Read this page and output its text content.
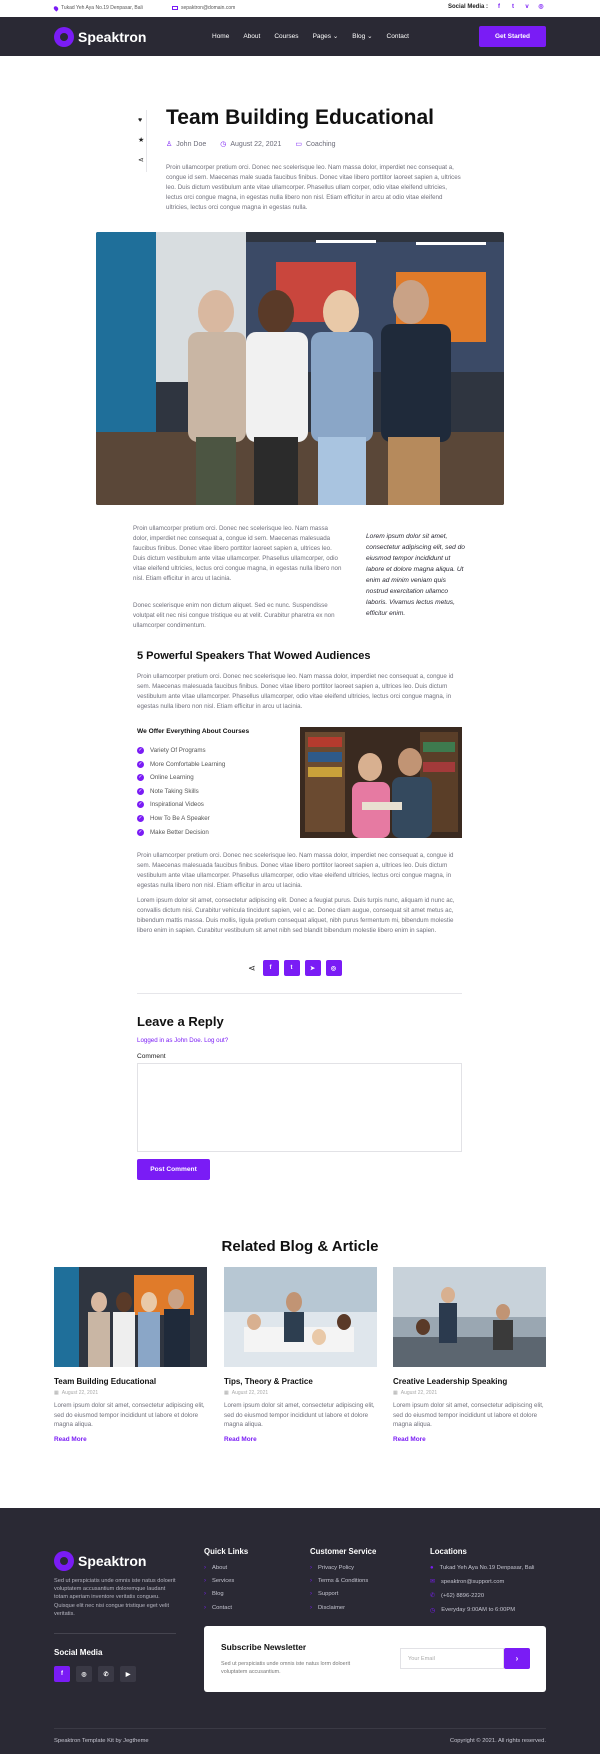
Tukad Yeh Aya No.19 Denpasar, Bali	sepaktron@domain.com	Social Media :	f	t	v ◎
Speaktron	Home About Courses Pages
⌄ Blog
⌄ Contact	Get Started
♥
★
⋖
Team Building Educational
♙ John Doe ◷ August 22, 2021 ▭ Coaching

Proin ullamcorper pretium orci. Donec nec scelerisque leo. Nam massa dolor, imperdiet nec consequat a, congue id sem. Maecenas male suada faucibus finibus. Donec vitae libero porttitor laoreet sapien a, ultrices leo. Duis dictum vestibulum ante vitae ullamcorper. Phasellus ullam corper, odio vitae eleifend ultricies, lectus orci congue magna, in egestas nulla libero non nisl. Etiam efficitur in arcu at odio vitae eleifend ultricies, lectus orci congue magna in egestas nulla.

Proin ullamcorper pretium orci. Donec nec scelerisque leo. Nam massa dolor, imperdiet nec consequat a, congue id sem. Maecenas malesuada faucibus finibus. Donec vitae libero porttitor laoreet sapien a, ultrices leo. Duis dictum vestibulum ante vitae ullamcorper. Phasellus ullamcorper, odio vitae eleifend ultricies, lectus orci congue magna, in egestas nulla libero non nisl. Etiam efficitur in arcu ut lacinia.

Donec scelerisque enim non dictum aliquet. Sed ec nunc. Suspendisse volutpat elit nec nisi congue tristique eu at velit. Curabitur pharetra ex non ullamcorper condimentum.

Lorem ipsum dolor sit amet, consectetur adipiscing elit, sed do eiusmod tempor incididunt ut labore et dolore magna aliqua. Ut enim ad minim veniam quis nostrud exercitation ullamco laboris. Vivamus lectus metus, efficitur enim.

5 Powerful Speakers That Wowed Audiences

Proin ullamcorper pretium orci. Donec nec scelerisque leo. Nam massa dolor, imperdiet nec consequat a, congue id sem. Maecenas malesuada faucibus finibus. Donec vitae libero porttitor laoreet sapien a, ultrices leo. Duis dictum vestibulum ante vitae ullamcorper. Phasellus ullamcorper, odio vitae eleifend ultricies, lectus orci congue magna, in egestas nulla libero non nisl. Etiam efficitur in arcu ut lacinia.

We Offer Everything About Courses
✓ Variety Of Programs
✓ More Comfortable Learning
✓ Online Learning
✓ Note Taking Skills
✓ Inspirational Videos
✓ How To Be A Speaker
✓ Make Better Decision

Proin ullamcorper pretium orci. Donec nec scelerisque leo. Nam massa dolor, imperdiet nec consequat a, congue id sem. Maecenas malesuada faucibus finibus. Donec vitae libero porttitor laoreet sapien a, ultrices leo. Duis dictum vestibulum ante vitae ullamcorper. Phasellus ullamcorper, odio vitae eleifend ultricies, lectus orci congue magna, in egestas nulla libero non nisl. Etiam efficitur in arcu ut lacinia.

Lorem ipsum dolor sit amet, consectetur adipiscing elit. Donec a feugiat purus. Duis turpis nunc, aliquam id nunc ac, convallis dictum nisi. Curabitur vehicula tincidunt sapien, vel c ac. Donec diam augue, consequat sit amet metus ac, bibendum mattis massa. Duis mollis, ligula pretium consequat aliquet, nibh purus fermentum mi, bibendum molestie libero enim in sapien. Curabitur vestibulum sit amet nibh sed blandit bibendum molestie libero enim in sapien.

⋖	f	t	➤	◎
Leave a Reply
Logged in as John Doe. Log out?
Comment
Post Comment
Related Blog & Article
Team Building Educational
▦ August 22, 2021
Lorem ipsum dolor sit amet, consectetur adipiscing elit, sed do eiusmod tempor incididunt ut labore et dolore magna aliqua.
Read More
Tips, Theory & Practice
▦ August 22, 2021
Lorem ipsum dolor sit amet, consectetur adipiscing elit, sed do eiusmod tempor incididunt ut labore et dolore magna aliqua.
Read More
Creative Leadership Speaking
▦ August 22, 2021
Lorem ipsum dolor sit amet, consectetur adipiscing elit, sed do eiusmod tempor incididunt ut labore et dolore magna aliqua.
Read More
Speaktron

Sed ut perspiciatis unde omnis iste natus doloerit voluptatem accusantium doloremque laudant totam aperiam inventore veritatis congueu. Quisque elit nec nisi congue tristique eget velit veritatis.

Social Media
f	◎	✆	▶
Quick Links
› About
› Services
› Blog
› Contact
Customer Service
› Privacy Policy
› Terms & Conditions
› Support
› Disclaimer
Locations
● Tukad Yeh Aya No.19 Denpasar, Bali
✉ speaktron@support.com
✆ (+62) 8896-2220
◷ Everyday 9:00AM to 6:00PM
Subscribe Newsletter

Sed ut perspiciatis unde omnis iste natus lorm doloerit voluptatem accusantium.

Your Email	›
Speaktron Template Kit by Jegtheme	Copyright © 2021. All rights reserved.
